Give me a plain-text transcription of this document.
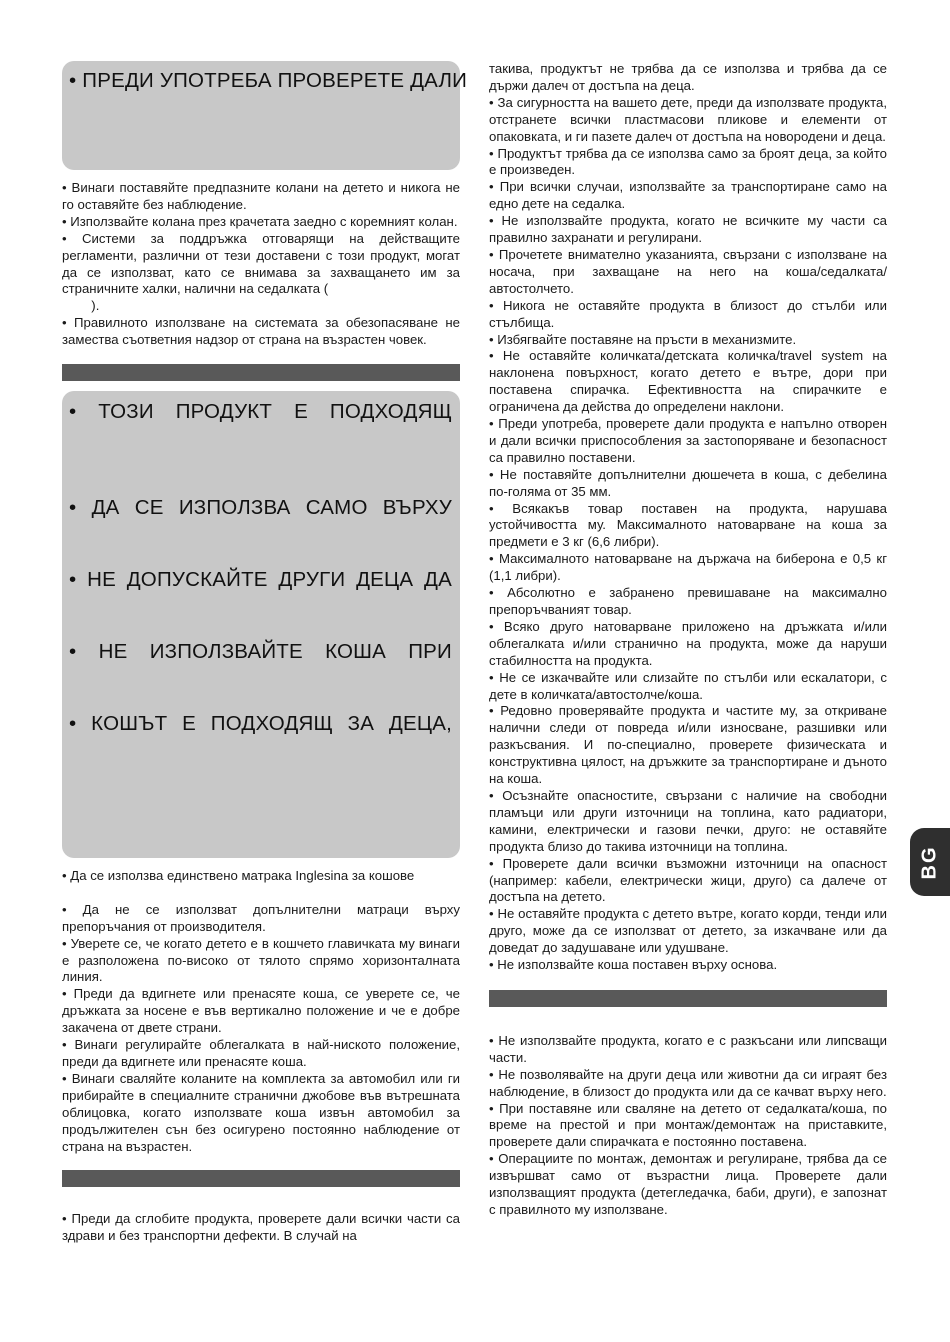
• ПРЕДИ УПОТРЕБА ПРОВЕРЕТЕ ДАЛИ

• Винаги поставяйте предпазните колани на детето и никога не го оставяйте без наблюдение.

• Използвайте колана през крачетата заедно с коремният колан.

• Системи за поддръжка отговарящи на действащите регламенти, различни от тези доставени с този продукт, могат да се използват, като се внимава за захващането им за страничните халки, налични на седалката (

).

• Правилното използване на системата за обезопасяване не замества съответния надзор от страна на възрастен човек.

• ТОЗИ ПРОДУКТ Е ПОДХОДЯЩ
• ДА СЕ ИЗПОЛЗВА САМО ВЪРХУ
• НЕ ДОПУСКАЙТЕ ДРУГИ ДЕЦА ДА
• НЕ ИЗПОЛЗВАЙТЕ КОША ПРИ
• КОШЪТ Е ПОДХОДЯЩ ЗА ДЕЦА,

• Да се използва единствено матрака Inglesina за кошове

• Да не се използват допълнителни матраци върху препоръчания от производителя.

• Уверете се, че когато детето е в кошчето главичката му винаги е разположена по-високо от тялото спрямо хоризонталната линия.

• Преди да вдигнете или пренасяте коша, се уверете се, че дръжката за носене е във вертикално положение и че е добре закачена от двете страни.

• Винаги регулирайте облегалката в най-ниското положение, преди да вдигнете или пренасяте коша.

• Винаги сваляйте коланите на комплекта за автомобил или ги прибирайте в специалните странични джобове във вътрешната облицовка, когато използвате коша извън автомобил за продължителен сън без осигурено постоянно наблюдение от страна на възрастен.

• Преди да сглобите продукта, проверете дали всички части са здрави и без транспортни дефекти. В случай на

такива, продуктът не трябва да се използва и трябва да се държи далеч от достъпа на деца.

• За сигурността на вашето дете, преди да използвате продукта, отстранете всички пластмасови пликове и елементи от опаковката, и ги пазете далеч от достъпа на новородени и деца.

• Продуктът трябва да се използва само за броят деца, за който е произведен.

• При всички случаи, използвайте за транспортиране само на едно дете на седалка.

• Не използвайте продукта, когато не всичките му части са правилно захранати и регулирани.

• Прочетете внимателно указанията, свързани с използване на носача, при захващане на него на коша/седалката/автостолчето.

• Никога не оставяйте продукта в близост до стълби или стълбища.

• Избягвайте поставяне на пръсти в механизмите.

• Не оставяйте количката/детската количка/travel system на наклонена повърхност, когато детето е вътре, дори при поставена спирачка. Ефективността на спирачките е ограничена да действа до определени наклони.

• Преди употреба, проверете дали продукта е напълно отворен и дали всички приспособления за застопоряване и безопасност са правилно поставени.

• Не поставяйте допълнителни дюшечета в коша, с дебелина по-голяма от 35 мм.

• Всякакъв товар поставен на продукта, нарушава устойчивостта му. Максималното натоварване на коша за предмети е 3 кг (6,6 либри).

• Максималното натоварване на държача на биберона е 0,5 кг (1,1 либри).

• Абсолютно е забранено превишаване на максимално препоръчваният товар.

• Всяко друго натоварване приложено на дръжката и/или облегалката и/или странично на продукта, може да наруши стабилността на продукта.

• Не се изкачвайте или слизайте по стълби или ескалатори, с дете в количката/автостолче/коша.

• Редовно проверявайте продукта и частите му, за откриване налични следи от повреда и/или износване, разшивки или разкъсвания. И по-специално, проверете физическата и конструктивна цялост, на дръжките за транспортиране и дъното на коша.

• Осъзнайте опасностите, свързани с наличие на свободни пламъци или други източници на топлина, като радиатори, камини, електрически и газови печки, друго: не оставяйте продукта близо до такива източници на топлина.

• Проверете дали всички възможни източници на опасност (например: кабели, електрически жици, друго) са далече от достъпа на детето.

• Не оставяйте продукта с детето вътре, когато корди, тенди или друго, може да се използват от детето, за изкачване или да доведат до задушаване или удушване.

• Не използвайте коша поставен върху основа.

• Не използвайте продукта, когато е с разкъсани или липсващи части.

• Не позволявайте на други деца или животни да си играят без наблюдение, в близост до продукта или да се качват върху него.

• При поставяне или сваляне на детето от седалката/коша, по време на престой и при монтаж/демонтаж на приставките, проверете дали спирачката е постоянно поставена.

• Операциите по монтаж, демонтаж и регулиране, трябва да се извършват само от възрастни лица. Проверете дали използващият продукта (детегледачка, баби, други), е запознат с правилното му използване.

BG
